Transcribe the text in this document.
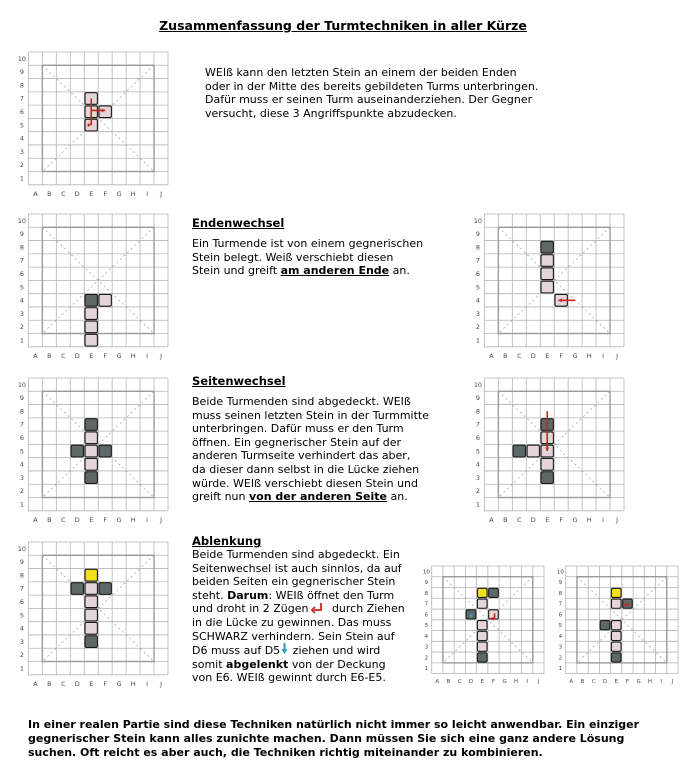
Zusammenfassung der Turmtechniken in aller Kürze
A B C D E F G H I J
1
2
3
4
5
6
7
8
9
10
A B C D E F G H I J
1
2
3
4
5
6
7
8
9
10
A B C D E F G H I J
1
2
3
4
5
6
7
8
9
10
A B C D E F G H I J
1
2
3
4
5
6
7
8
9
10
A B C D E F G H I J
1
2
3
4
5
6
7
8
9
10
A B C D E F G H I J
1
2
3
4
5
6
7
8
9
10
A B C D E F G H I J
1
2
3
4
5
6
7
8
9
10
A B C D E F G H I J
1
2
3
4
5
6
7
8
9
10

WEIß kann den letzten Stein an einem der beiden Enden

oder in der Mitte des bereits gebildeten Turms unterbringen.

Dafür muss er seinen Turm auseinanderziehen. Der Gegner

versucht, diese 3 Angriffspunkte abzudecken.

Endenwechsel

Ein Turmende ist von einem gegnerischen

Stein belegt. Weiß verschiebt diesen

Stein und greift am anderen Ende an.

Seitenwechsel

Beide Turmenden sind abgedeckt. WEIß

muss seinen letzten Stein in der Turmmitte

unterbringen. Dafür muss er den Turm

öffnen. Ein gegnerischer Stein auf der

anderen Turmseite verhindert das aber,

da dieser dann selbst in die Lücke ziehen

würde. WEIß verschiebt diesen Stein und

greift nun von der anderen Seite an.

Ablenkung

Beide Turmenden sind abgedeckt. Ein

Seitenwechsel ist auch sinnlos, da auf

beiden Seiten ein gegnerischer Stein

steht. Darum: WEIß öffnet den Turm

und droht in 2 Zügen durch Ziehen

in die Lücke zu gewinnen. Das muss

SCHWARZ verhindern. Sein Stein auf

D6 muss auf D5 ziehen und wird

somit abgelenkt von der Deckung

von E6. WEIß gewinnt durch E6-E5.

In einer realen Partie sind diese Techniken natürlich nicht immer so leicht anwendbar. Ein einziger
gegnerischer Stein kann alles zunichte machen. Dann müssen Sie sich eine ganz andere Lösung
suchen. Oft reicht es aber auch, die Techniken richtig miteinander zu kombinieren.
